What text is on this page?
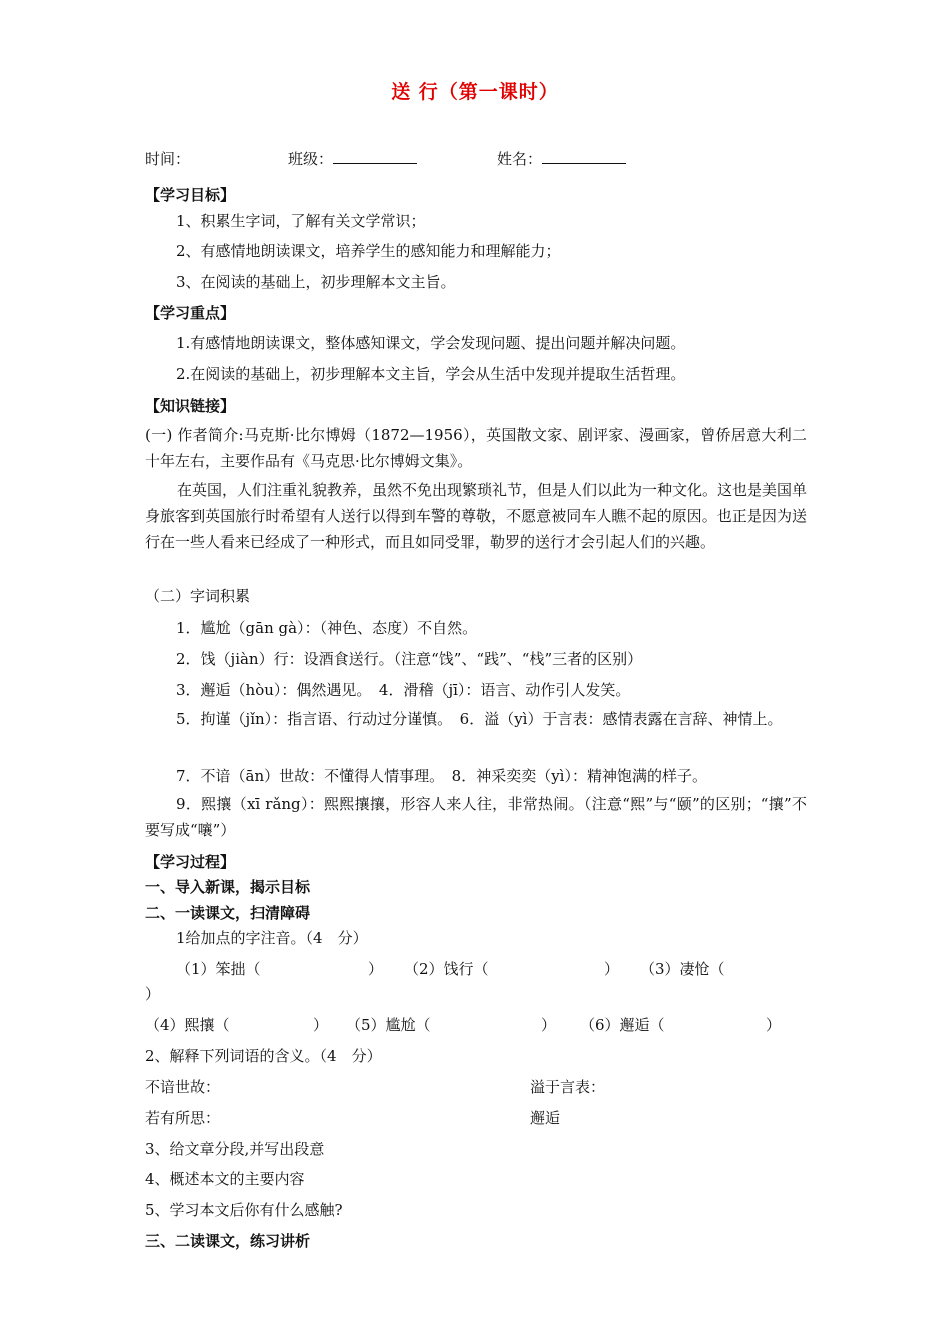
送 行（第一课时）
时间：	班级：	姓名：
【学习目标】
1、积累生字词，了解有关文学常识；
2、有感情地朗读课文，培养学生的感知能力和理解能力；
3、在阅读的基础上，初步理解本文主旨。
【学习重点】
1.有感情地朗读课文，整体感知课文，学会发现问题、提出问题并解决问题。
2.在阅读的基础上，初步理解本文主旨，学会从生活中发现并提取生活哲理。
【知识链接】
(一) 作者简介:马克斯·比尔博姆（1872—1956），英国散文家、剧评家、漫画家，曾侨居意大利二十年左右，主要作品有《马克思·比尔博姆文集》。
在英国，人们注重礼貌教养，虽然不免出现繁琐礼节，但是人们以此为一种文化。这也是美国单身旅客到英国旅行时希望有人送行以得到车警的尊敬，不愿意被同车人瞧不起的原因。也正是因为送行在一些人看来已经成了一种形式，而且如同受罪，勒罗的送行才会引起人们的兴趣。
（二）字词积累
1．尴尬（gān gà）：（神色、态度）不自然。
2．饯（jiàn）行：设酒食送行。（注意“饯”、“践”、“栈”三者的区别）
3．邂逅（hòu）：偶然遇见。　4．滑稽（jī）：语言、动作引人发笑。
5．拘谨（jǐn）：指言语、行动过分谨慎。　6．溢（yì）于言表：感情表露在言辞、神情上。
7．不谙（ān）世故：不懂得人情事理。　8．神采奕奕（yì）：精神饱满的样子。
9．熙攘（xī rǎng）：熙熙攘攘，形容人来人往，非常热闹。（注意“熙”与“颐”的区别；“攘”不要写成“嚷”）
【学习过程】
一、导入新课，揭示目标
二、一读课文，扫清障碍
1给加点的字注音。（4　分）
（1）笨拙（	） （2）饯行（	） （3）凄怆（
）
（4）熙攘（	） （5）尴尬（	） （6）邂逅（	）
2、解释下列词语的含义。（4　分）
不谙世故：	溢于言表：
若有所思：	邂逅
3、给文章分段,并写出段意
4、概述本文的主要内容
5、学习本文后你有什么感触?
三、二读课文，练习讲析
